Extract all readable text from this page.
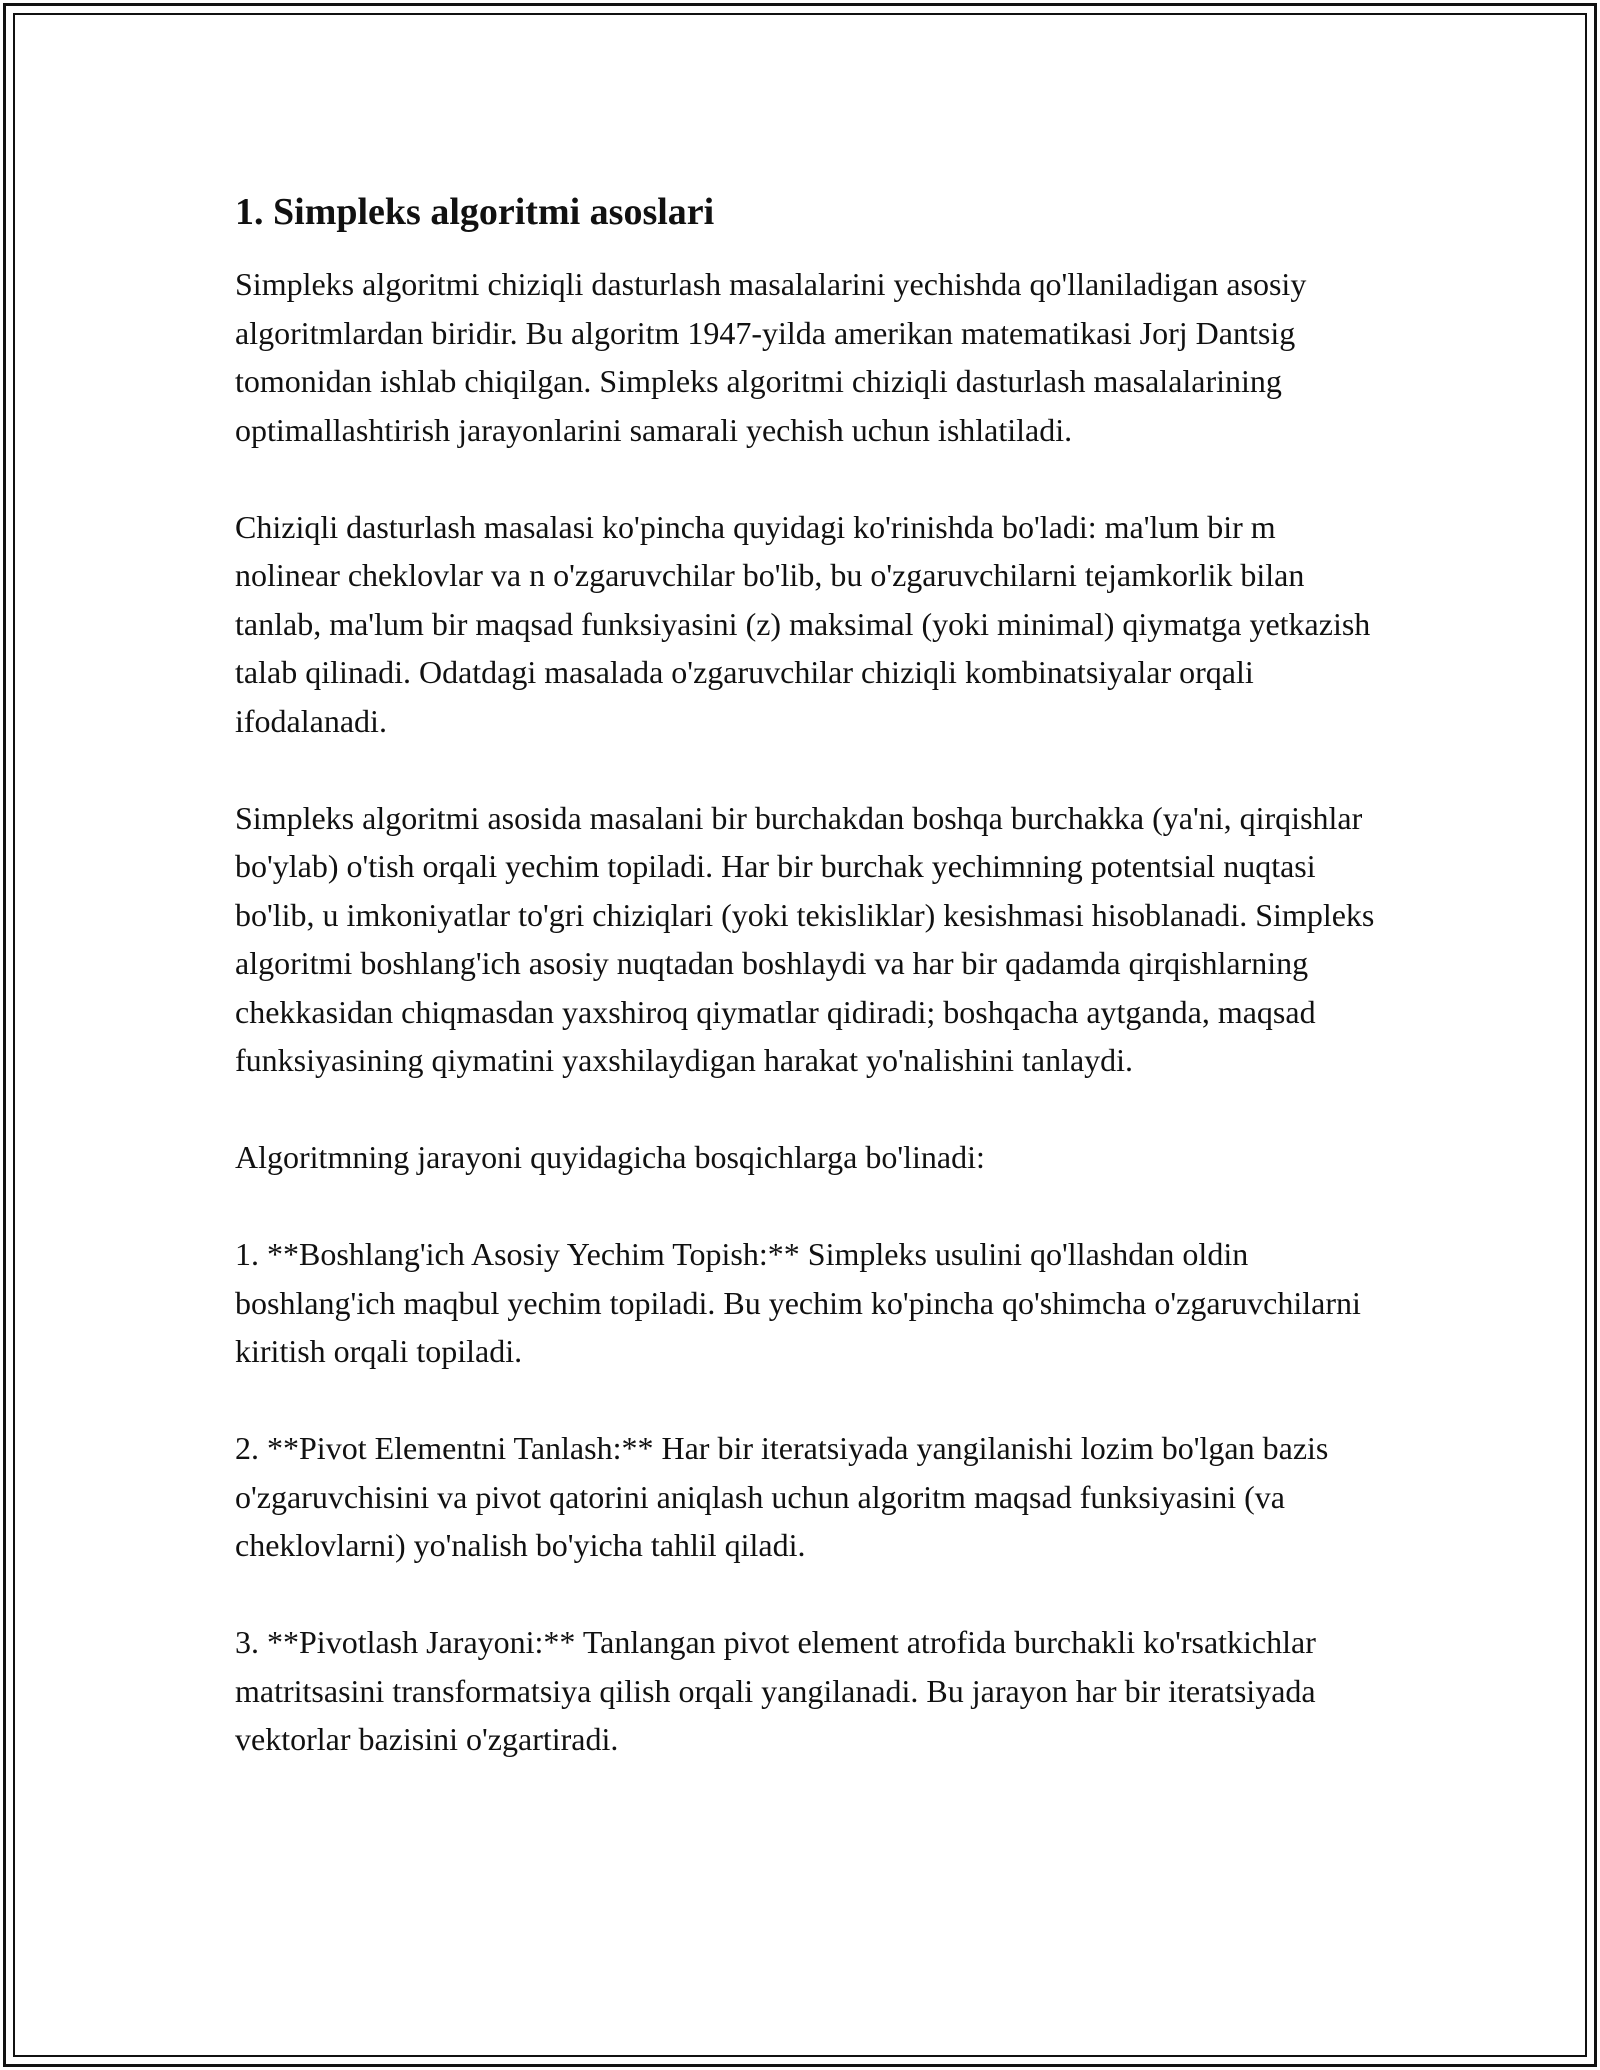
1. Simpleks algoritmi asoslari

Simpleks algoritmi chiziqli dasturlash masalalarini yechishda qo'llaniladigan asosiy algoritmlardan biridir. Bu algoritm 1947-yilda amerikan matematikasi Jorj Dantsig tomonidan ishlab chiqilgan. Simpleks algoritmi chiziqli dasturlash masalalarining optimallashtirish jarayonlarini samarali yechish uchun ishlatiladi.

Chiziqli dasturlash masalasi ko'pincha quyidagi ko'rinishda bo'ladi: ma'lum bir m nolinear cheklovlar va n o'zgaruvchilar bo'lib, bu o'zgaruvchilarni tejamkorlik bilan tanlab, ma'lum bir maqsad funksiyasini (z) maksimal (yoki minimal) qiymatga yetkazish talab qilinadi. Odatdagi masalada o'zgaruvchilar chiziqli kombinatsiyalar orqali ifodalanadi.

Simpleks algoritmi asosida masalani bir burchakdan boshqa burchakka (ya'ni, qirqishlar bo'ylab) o'tish orqali yechim topiladi. Har bir burchak yechimning potentsial nuqtasi bo'lib, u imkoniyatlar to'gri chiziqlari (yoki tekisliklar) kesishmasi hisoblanadi. Simpleks algoritmi boshlang'ich asosiy nuqtadan boshlaydi va har bir qadamda qirqishlarning chekkasidan chiqmasdan yaxshiroq qiymatlar qidiradi; boshqacha aytganda, maqsad funksiyasining qiymatini yaxshilaydigan harakat yo'nalishini tanlaydi.

Algoritmning jarayoni quyidagicha bosqichlarga bo'linadi:

1. **Boshlang'ich Asosiy Yechim Topish:** Simpleks usulini qo'llashdan oldin boshlang'ich maqbul yechim topiladi. Bu yechim ko'pincha qo'shimcha o'zgaruvchilarni kiritish orqali topiladi.

2. **Pivot Elementni Tanlash:** Har bir iteratsiyada yangilanishi lozim bo'lgan bazis o'zgaruvchisini va pivot qatorini aniqlash uchun algoritm maqsad funksiyasini (va cheklovlarni) yo'nalish bo'yicha tahlil qiladi.

3. **Pivotlash Jarayoni:** Tanlangan pivot element atrofida burchakli ko'rsatkichlar matritsasini transformatsiya qilish orqali yangilanadi. Bu jarayon har bir iteratsiyada vektorlar bazisini o'zgartiradi.
